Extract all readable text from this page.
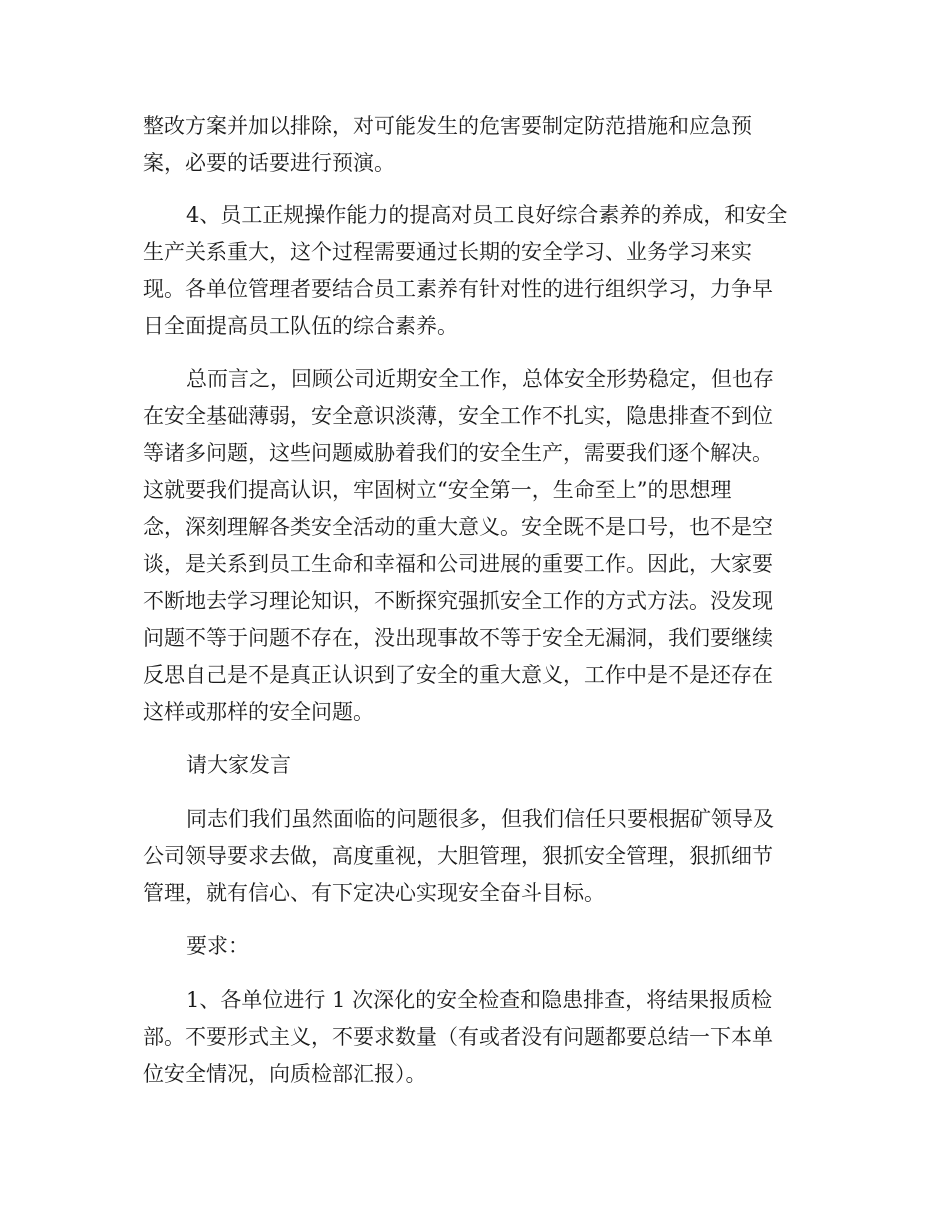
整改方案并加以排除，对可能发生的危害要制定防范措施和应急预
案，必要的话要进行预演。
4、员工正规操作能力的提高对员工良好综合素养的养成，和安全
生产关系重大，这个过程需要通过长期的安全学习、业务学习来实
现。各单位管理者要结合员工素养有针对性的进行组织学习，力争早
日全面提高员工队伍的综合素养。
总而言之，回顾公司近期安全工作，总体安全形势稳定，但也存
在安全基础薄弱，安全意识淡薄，安全工作不扎实，隐患排查不到位
等诸多问题，这些问题威胁着我们的安全生产，需要我们逐个解决。
这就要我们提高认识，牢固树立“安全第一，生命至上”的思想理
念，深刻理解各类安全活动的重大意义。安全既不是口号，也不是空
谈，是关系到员工生命和幸福和公司进展的重要工作。因此，大家要
不断地去学习理论知识，不断探究强抓安全工作的方式方法。没发现
问题不等于问题不存在，没出现事故不等于安全无漏洞，我们要继续
反思自己是不是真正认识到了安全的重大意义，工作中是不是还存在
这样或那样的安全问题。
请大家发言
同志们我们虽然面临的问题很多，但我们信任只要根据矿领导及
公司领导要求去做，高度重视，大胆管理，狠抓安全管理，狠抓细节
管理，就有信心、有下定决心实现安全奋斗目标。
要求：
1、各单位进行 1 次深化的安全检查和隐患排查，将结果报质检
部。不要形式主义，不要求数量（有或者没有问题都要总结一下本单
位安全情况，向质检部汇报）。
